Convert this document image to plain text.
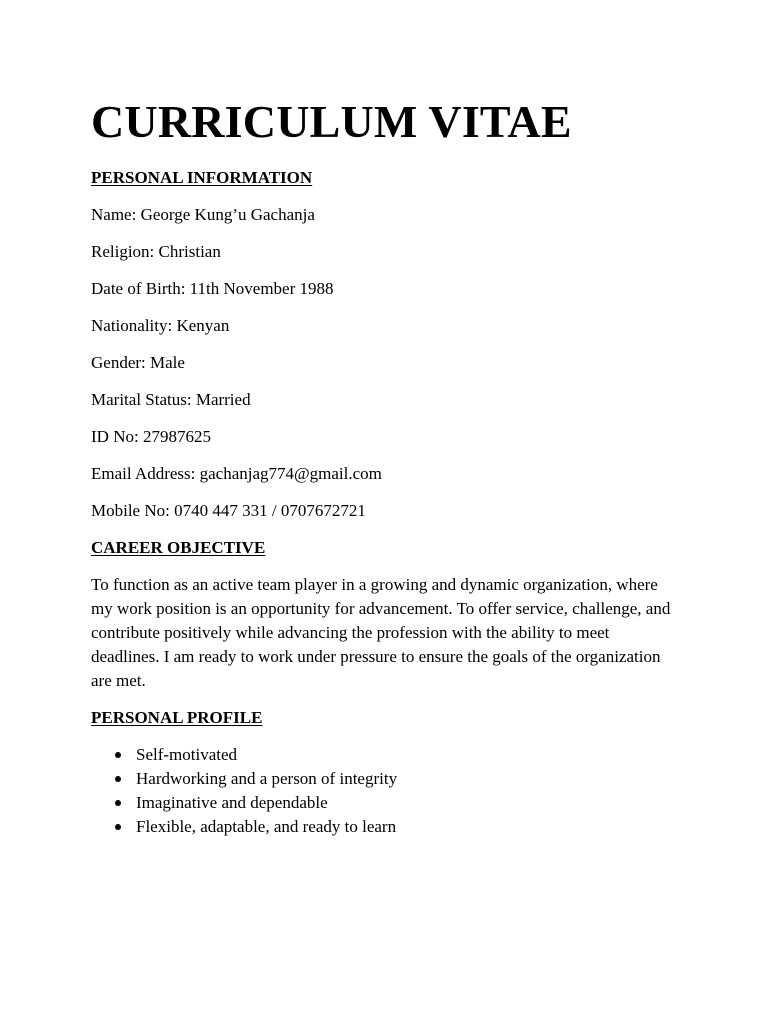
CURRICULUM VITAE
PERSONAL INFORMATION

Name: George Kung’u Gachanja

Religion: Christian

Date of Birth: 11th November 1988

Nationality: Kenyan

Gender: Male

Marital Status: Married

ID No: 27987625

Email Address: gachanjag774@gmail.com

Mobile No: 0740 447 331 / 0707672721

CAREER OBJECTIVE

To function as an active team player in a growing and dynamic organization, where my work position is an opportunity for advancement. To offer service, challenge, and contribute positively while advancing the profession with the ability to meet deadlines. I am ready to work under pressure to ensure the goals of the organization are met.

PERSONAL PROFILE
Self-motivated
Hardworking and a person of integrity
Imaginative and dependable
Flexible, adaptable, and ready to learn
